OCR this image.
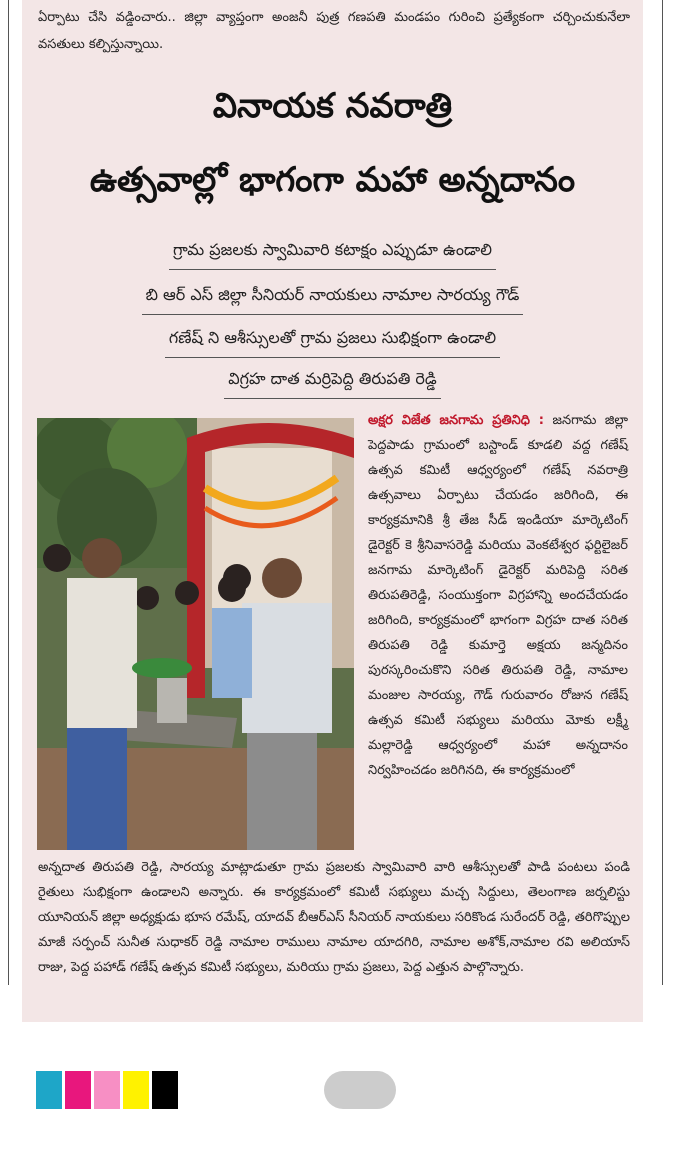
ఏర్పాటు చేసి వడ్డించారు.. జిల్లా వ్యాప్తంగా అంజనీ పుత్ర గణపతి మండపం గురించి ప్రత్యేకంగా చర్చించుకునేలా వసతులు కల్పిస్తున్నాయి.
వినాయక నవరాత్రి
ఉత్సవాల్లో భాగంగా మహా అన్నదానం
గ్రామ ప్రజలకు స్వామివారి కటాక్షం ఎప్పుడూ ఉండాలి
బి ఆర్ ఎస్ జిల్లా సీనియర్ నాయకులు నామాల సారయ్య గౌడ్
గణేష్ ని ఆశీస్సులతో గ్రామ ప్రజలు సుభిక్షంగా ఉండాలి
విగ్రహ దాత మర్రిపెద్ది తిరుపతి రెడ్డి
అక్షర విజేత జనగామ ప్రతినిధి : జనగామ జిల్లా పెద్దపాడు గ్రామంలో బస్టాండ్ కూడలి వద్ద గణేష్ ఉత్సవ కమిటీ ఆధ్వర్యంలో గణేష్ నవరాత్రి ఉత్సవాలు ఏర్పాటు చేయడం జరిగింది, ఈ కార్యక్రమానికి శ్రీ తేజ సీడ్ ఇండియా మార్కెటింగ్ డైరెక్టర్ కె శ్రీనివాసరెడ్డి మరియు వెంకటేశ్వర ఫర్టిలైజర్ జనగామ మార్కెటింగ్ డైరెక్టర్ మరిపెద్ది సరిత తిరుపతిరెడ్డి, సంయుక్తంగా విగ్రహాన్ని అందచేయడం జరిగింది, కార్యక్రమంలో భాగంగా విగ్రహ దాత సరిత తిరుపతి రెడ్డి కుమార్తె అక్షయ జన్మదినం పురస్కరించుకొని సరిత తిరుపతి రెడ్డి, నామాల మంజుల సారయ్య, గౌడ్ గురువారం రోజున గణేష్ ఉత్సవ కమిటీ సభ్యులు మరియు మోకు లక్ష్మీ మల్లారెడ్డి ఆధ్వర్యంలో మహా అన్నదానం నిర్వహించడం జరిగినది, ఈ కార్యక్రమంలో
అన్నదాత తిరుపతి రెడ్డి, సారయ్య మాట్లాడుతూ గ్రామ ప్రజలకు స్వామివారి వారి ఆశీస్సులతో పాడి పంటలు పండి రైతులు సుభిక్షంగా ఉండాలని అన్నారు. ఈ కార్యక్రమంలో కమిటీ సభ్యులు మచ్చ సిద్దులు, తెలంగాణ జర్నలిస్టు యూనియన్ జిల్లా అధ్యక్షుడు భూస రమేష్, యాదవ్ బీఆర్ఎస్ సీనియర్ నాయకులు సరికొండ సురేందర్ రెడ్డి, తరిగొప్పుల మాజీ సర్పంచ్ సునీత సుధాకర్ రెడ్డి నామాల రాములు నామాల యాదగిరి, నామాల అశోక్,నామాల రవి అలియాస్ రాజు, పెద్ద పహాడ్ గణేష్ ఉత్సవ కమిటీ సభ్యులు, మరియు గ్రామ ప్రజలు, పెద్ద ఎత్తున పాల్గొన్నారు.
